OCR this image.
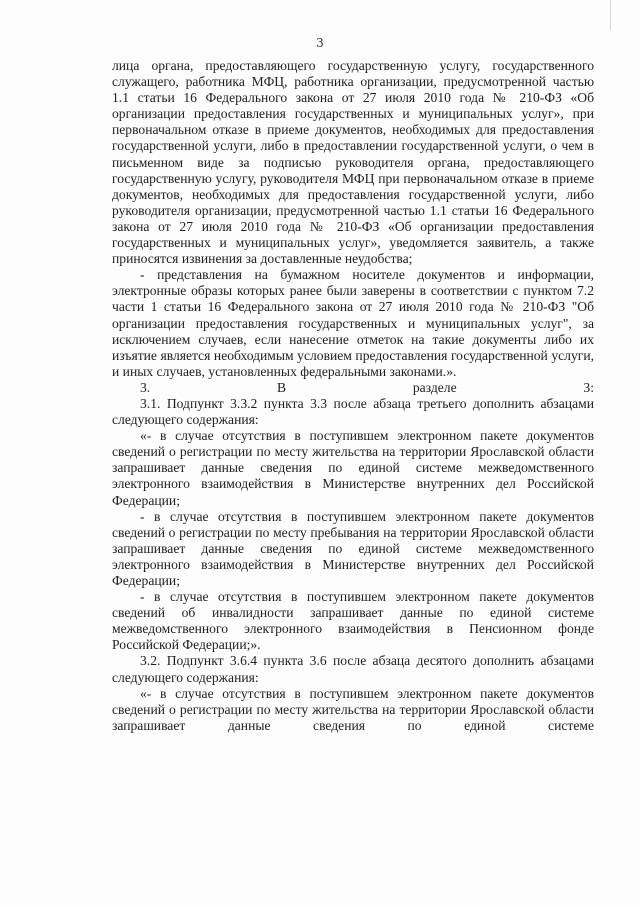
3

лица органа, предоставляющего государственную услугу, государственного служащего, работника МФЦ, работника организации, предусмотренной частью 1.1 статьи 16 Федерального закона от 27 июля 2010 года № 210-ФЗ «Об организации предоставления государственных и муниципальных услуг», при первоначальном отказе в приеме документов, необходимых для предоставления государственной услуги, либо в предоставлении государственной услуги, о чем в письменном виде за подписью руководителя органа, предоставляющего государственную услугу, руководителя МФЦ при первоначальном отказе в приеме документов, необходимых для предоставления государственной услуги, либо руководителя организации, предусмотренной частью 1.1 статьи 16 Федерального закона от 27 июля 2010 года № 210-ФЗ «Об организации предоставления государственных и муниципальных услуг», уведомляется заявитель, а также приносятся извинения за доставленные неудобства;

- представления на бумажном носителе документов и информации, электронные образы которых ранее были заверены в соответствии с пунктом 7.2 части 1 статьи 16 Федерального закона от 27 июля 2010 года № 210-ФЗ "Об организации предоставления государственных и муниципальных услуг", за исключением случаев, если нанесение отметок на такие документы либо их изъятие является необходимым условием предоставления государственной услуги, и иных случаев, установленных федеральными законами.».

3. В разделе 3:

3.1. Подпункт 3.3.2 пункта 3.3 после абзаца третьего дополнить абзацами следующего содержания:

«- в случае отсутствия в поступившем электронном пакете документов сведений о регистрации по месту жительства на территории Ярославской области запрашивает данные сведения по единой системе межведомственного электронного взаимодействия в Министерстве внутренних дел Российской Федерации;

- в случае отсутствия в поступившем электронном пакете документов сведений о регистрации по месту пребывания на территории Ярославской области запрашивает данные сведения по единой системе межведомственного электронного взаимодействия в Министерстве внутренних дел Российской Федерации;

- в случае отсутствия в поступившем электронном пакете документов сведений об инвалидности запрашивает данные по единой системе межведомственного электронного взаимодействия в Пенсионном фонде Российской Федерации;».

3.2. Подпункт 3.6.4 пункта 3.6 после абзаца десятого дополнить абзацами следующего содержания:

«- в случае отсутствия в поступившем электронном пакете документов сведений о регистрации по месту жительства на территории Ярославской области запрашивает данные сведения по единой системе
